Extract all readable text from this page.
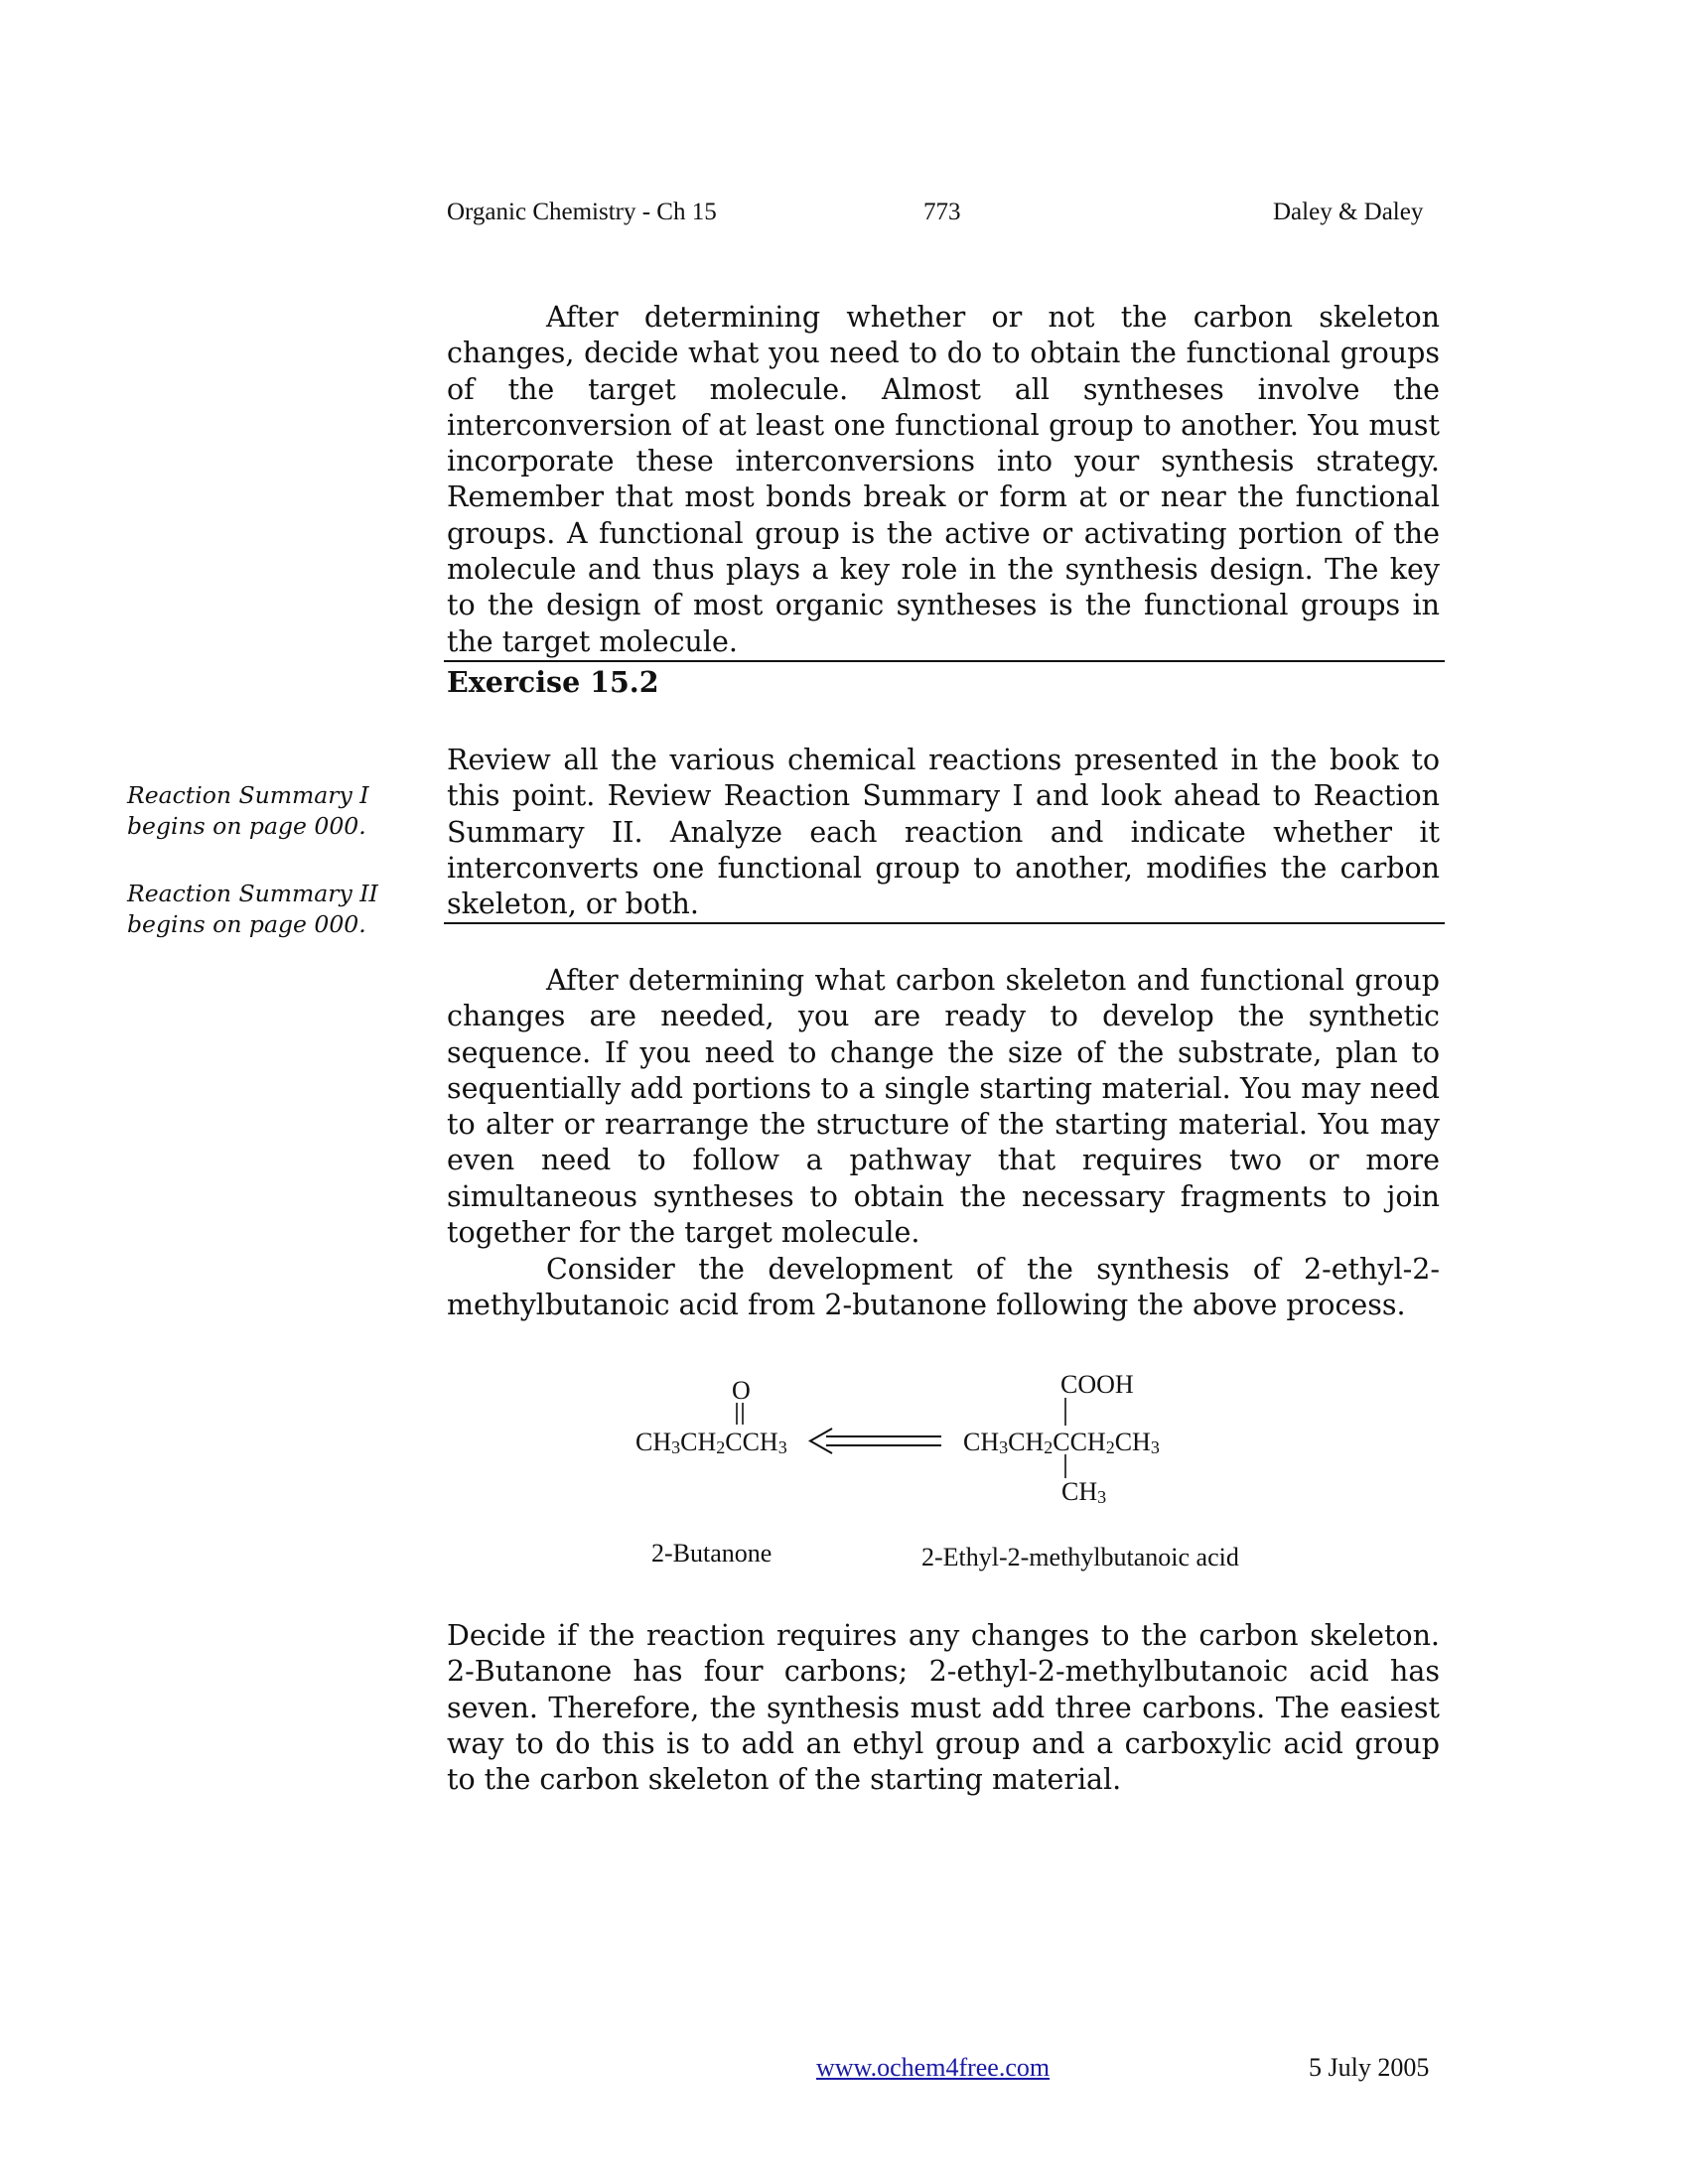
Organic Chemistry - Ch 15	773	Daley & Daley

After determining whether or not the carbon skeleton changes, decide what you need to do to obtain the functional groups of the target molecule. Almost all syntheses involve the interconversion of at least one functional group to another. You must incorporate these interconversions into your synthesis strategy. Remember that most bonds break or form at or near the functional groups. A functional group is the active or activating portion of the molecule and thus plays a key role in the synthesis design. The key to the design of most organic syntheses is the functional groups in the target molecule.

Exercise 15.2

Review all the various chemical reactions presented in the book to this point. Review Reaction Summary I and look ahead to Reaction Summary II. Analyze each reaction and indicate whether it interconverts one functional group to another, modifies the carbon skeleton, or both.

Reaction Summary I
begins on page 000.
Reaction Summary II
begins on page 000.

After determining what carbon skeleton and functional group changes are needed, you are ready to develop the synthetic sequence. If you need to change the size of the substrate, plan to sequentially add portions to a single starting material. You may need to alter or rearrange the structure of the starting material. You may even need to follow a pathway that requires two or more simultaneous syntheses to obtain the necessary fragments to join together for the target molecule.

Consider the development of the synthesis of 2-ethyl-2-methylbutanoic acid from 2-butanone following the above process.

O
$CH_3CH_2CCH_3$
COOH
$CH_3CH_2CCH_2CH_3$
$CH_3$
2-Butanone	2-Ethyl-2-methylbutanoic acid

Decide if the reaction requires any changes to the carbon skeleton. 2-Butanone has four carbons; 2-ethyl-2-methylbutanoic acid has seven. Therefore, the synthesis must add three carbons. The easiest way to do this is to add an ethyl group and a carboxylic acid group to the carbon skeleton of the starting material.

www.ochem4free.com	5 July 2005
